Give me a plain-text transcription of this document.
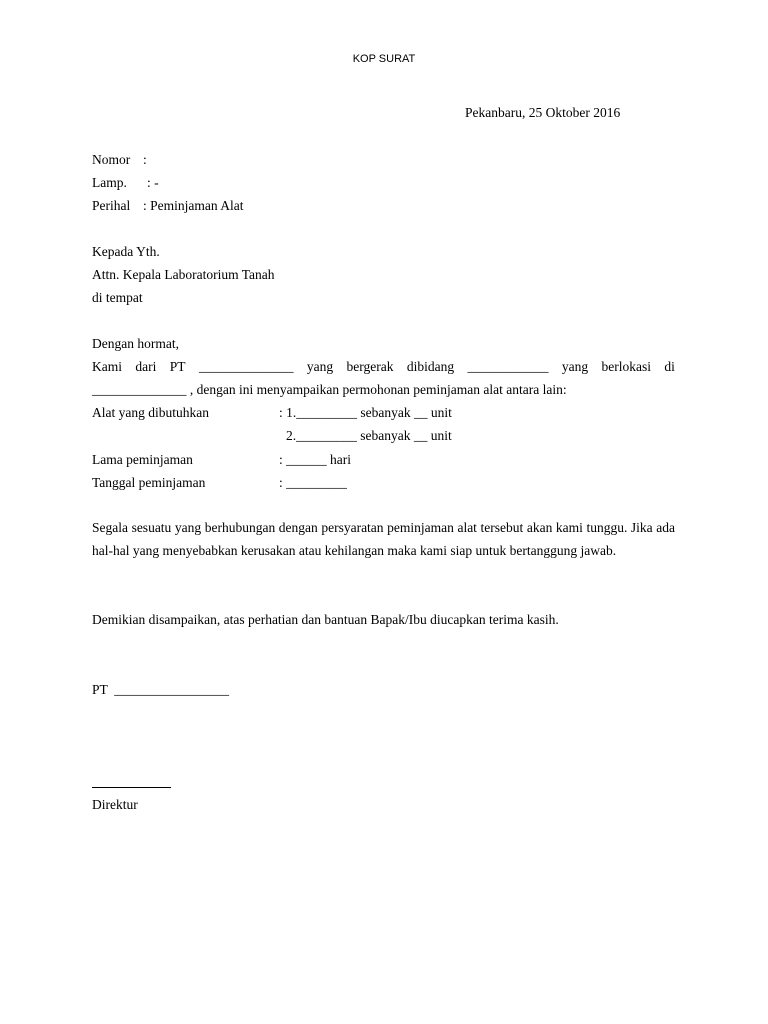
KOP SURAT
Pekanbaru, 25 Oktober 2016
Nomor :
Lamp. : -
Perihal : Peminjaman Alat
Kepada Yth.
Attn. Kepala Laboratorium Tanah
di tempat
Dengan hormat,
Kami dari PT ______________ yang bergerak dibidang ____________ yang berlokasi di
______________ , dengan ini menyampaikan permohonan peminjaman alat antara lain:
Alat yang dibutuhkan	: 1._________ sebanyak __ unit
2._________ sebanyak __ unit
Lama peminjaman	: ______ hari
Tanggal peminjaman	: _________
Segala sesuatu yang berhubungan dengan persyaratan peminjaman alat tersebut akan kami tunggu. Jika ada hal-hal yang menyebabkan kerusakan atau kehilangan maka kami siap untuk bertanggung jawab.
Demikian disampaikan, atas perhatian dan bantuan Bapak/Ibu diucapkan terima kasih.
PT  _________________
Direktur
